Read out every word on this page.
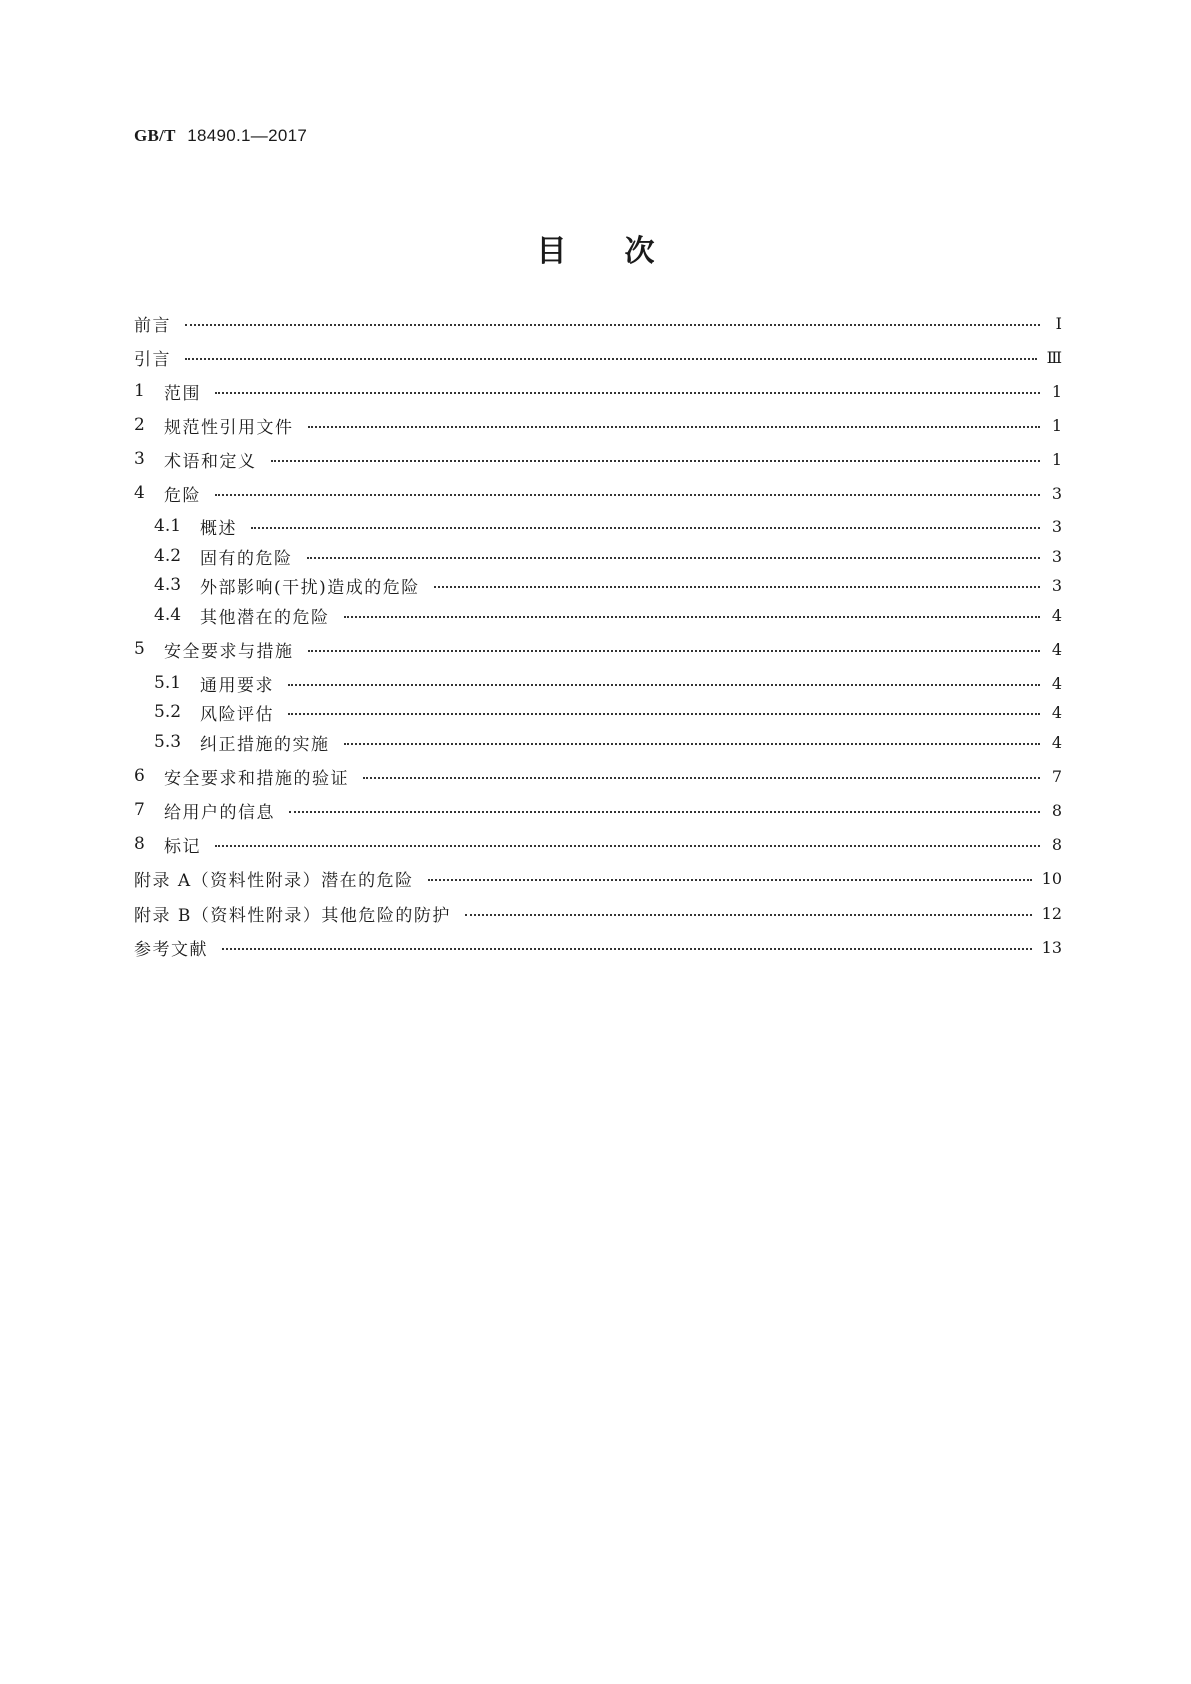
GB/T 18490.1—2017
目次
前言	Ⅰ
引言	Ⅲ
1	范围	1
2	规范性引用文件	1
3	术语和定义	1
4	危险	3
4.1	概述	3
4.2	固有的危险	3
4.3	外部影响(干扰)造成的危险	3
4.4	其他潜在的危险	4
5	安全要求与措施	4
5.1	通用要求	4
5.2	风险评估	4
5.3	纠正措施的实施	4
6	安全要求和措施的验证	7
7	给用户的信息	8
8	标记	8
附录 A（资料性附录）潜在的危险	10
附录 B（资料性附录）其他危险的防护	12
参考文献	13
